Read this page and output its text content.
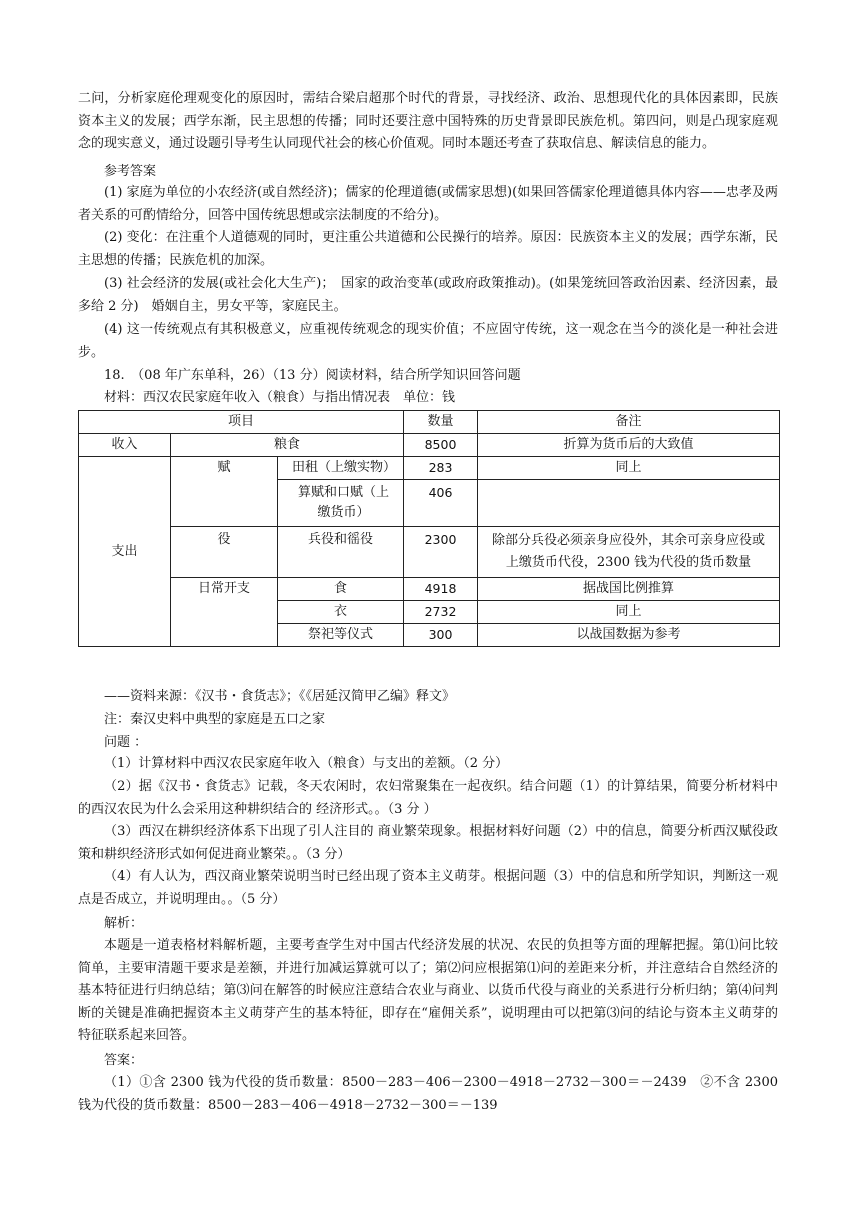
二问，分析家庭伦理观变化的原因时，需结合梁启超那个时代的背景，寻找经济、政治、思想现代化的具体因素即，民族资本主义的发展；西学东渐，民主思想的传播；同时还要注意中国特殊的历史背景即民族危机。第四问，则是凸现家庭观念的现实意义，通过设题引导考生认同现代社会的核心价值观。同时本题还考查了获取信息、解读信息的能力。

参考答案

(1) 家庭为单位的小农经济(或自然经济)；儒家的伦理道德(或儒家思想)(如果回答儒家伦理道德具体内容——忠孝及两者关系的可酌情给分，回答中国传统思想或宗法制度的不给分)。

(2) 变化：在注重个人道德观的同时，更注重公共道德和公民操行的培养。原因：民族资本主义的发展；西学东渐，民主思想的传播；民族危机的加深。

(3) 社会经济的发展(或社会化大生产)；　国家的政治变革(或政府政策推动)。(如果笼统回答政治因素、经济因素，最多给 2 分)　婚姻自主，男女平等，家庭民主。

(4) 这一传统观点有其积极意义，应重视传统观念的现实价值；不应固守传统，这一观念在当今的淡化是一种社会进步。

18.　（08 年广东单科，26）（13 分）阅读材料，结合所学知识回答问题

材料：西汉农民家庭年收入（粮食）与指出情况表　单位：钱

项目			数量	备注
收入	粮食		8500	折算为货币后的大致值
支出	赋	田租（上缴实物）	283	同上
		算赋和口赋（上缴货币）	406	
	役	兵役和徭役	2300	除部分兵役必须亲身应役外，其余可亲身应役或上缴货币代役，2300 钱为代役的货币数量
	日常开支	食	4918	据战国比例推算
		衣	2732	同上
		祭祀等仪式	300	以战国数据为参考

——资料来源：《汉书・食货志》；《《居延汉简甲乙编》释文》

注：秦汉史料中典型的家庭是五口之家

问题 ：

（1）计算材料中西汉农民家庭年收入（粮食）与支出的差额。（2 分）

（2）据《汉书・食货志》记载，冬天农闲时，农妇常聚集在一起夜织。结合问题（1）的计算结果，简要分析材料中的西汉农民为什么会采用这种耕织结合的 经济形式。。（3 分 ）

（3）西汉在耕织经济体系下出现了引人注目的 商业繁荣现象。根据材料好问题（2）中的信息，简要分析西汉赋役政策和耕织经济形式如何促进商业繁荣。。（3 分）

（4）有人认为，西汉商业繁荣说明当时已经出现了资本主义萌芽。根据问题（3）中的信息和所学知识，判断这一观点是否成立，并说明理由。。（5 分）

解析：

本题是一道表格材料解析题，主要考查学生对中国古代经济发展的状况、农民的负担等方面的理解把握。第⑴问比较简单，主要审清题干要求是差额，并进行加减运算就可以了；第⑵问应根据第⑴问的差距来分析，并注意结合自然经济的基本特征进行归纳总结；第⑶问在解答的时候应注意结合农业与商业、以货币代役与商业的关系进行分析归纳；第⑷问判断的关键是准确把握资本主义萌芽产生的基本特征，即存在“雇佣关系”，说明理由可以把第⑶问的结论与资本主义萌芽的特征联系起来回答。

答案：

（1）①含 2300 钱为代役的货币数量：8500－283－406－2300－4918－2732－300＝－2439　②不含 2300 钱为代役的货币数量：8500－283－406－4918－2732－300＝－139
